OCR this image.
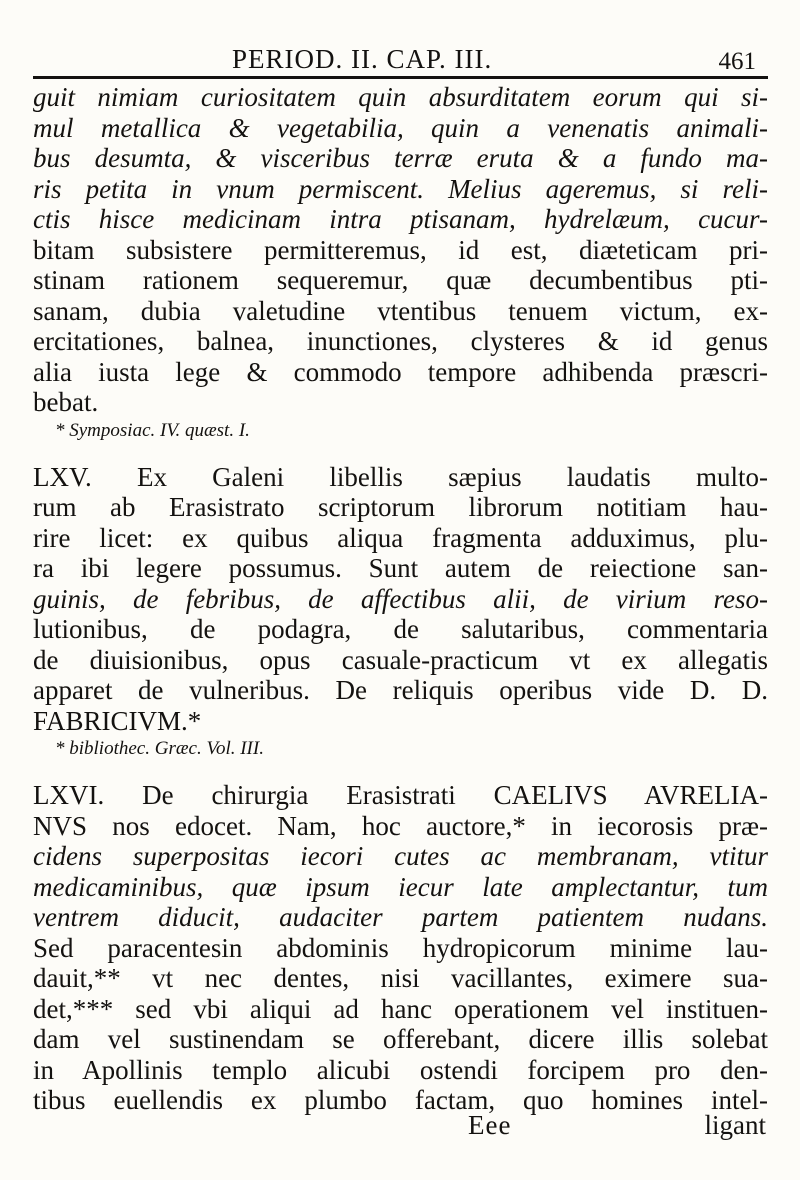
PERIOD. II. CAP. III.	461
guit nimiam curiositatem quin absurditatem eorum qui si-
mul metallica & vegetabilia, quin a venenatis animali-
bus desumta, & visceribus terræ eruta & a fundo ma-
ris petita in vnum permiscent. Melius ageremus, si reli-
ctis hisce medicinam intra ptisanam, hydrelæum, cucur-
bitam subsistere permitteremus, id est, diæteticam pri-
stinam rationem sequeremur, quæ decumbentibus pti-
sanam, dubia valetudine vtentibus tenuem victum, ex-
ercitationes, balnea, inunctiones, clysteres & id genus
alia iusta lege & commodo tempore adhibenda præscri-
bebat.
* Symposiac. IV. quæst. I.
LXV. Ex Galeni libellis sæpius laudatis multo-
rum ab Erasistrato scriptorum librorum notitiam hau-
rire licet: ex quibus aliqua fragmenta adduximus, plu-
ra ibi legere possumus. Sunt autem de reiectione san-
guinis, de febribus, de affectibus alii, de virium reso-
lutionibus, de podagra, de salutaribus, commentaria
de diuisionibus, opus casuale-practicum vt ex allegatis
apparet de vulneribus. De reliquis operibus vide D. D.
FABRICIVM.*
* bibliothec. Græc. Vol. III.
LXVI. De chirurgia Erasistrati CAELIVS AVRELIA-
NVS nos edocet. Nam, hoc auctore,* in iecorosis præ-
cidens superpositas iecori cutes ac membranam, vtitur
medicaminibus, quæ ipsum iecur late amplectantur, tum
ventrem diducit, audaciter partem patientem nudans.
Sed paracentesin abdominis hydropicorum minime lau-
dauit,** vt nec dentes, nisi vacillantes, eximere sua-
det,*** sed vbi aliqui ad hanc operationem vel instituen-
dam vel sustinendam se offerebant, dicere illis solebat
in Apollinis templo alicubi ostendi forcipem pro den-
tibus euellendis ex plumbo factam, quo homines intel-
Eee	ligant
